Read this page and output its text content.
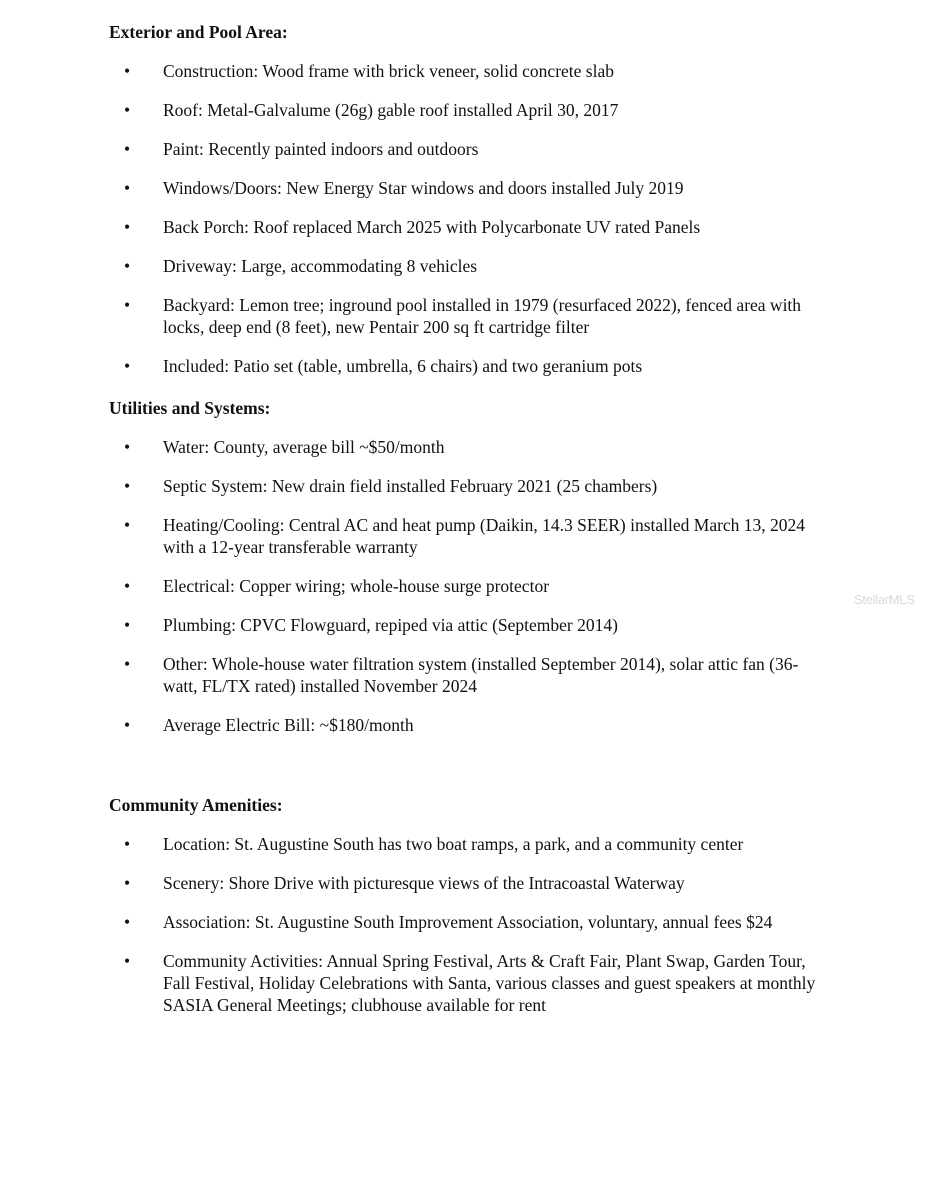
Exterior and Pool Area:
• Construction: Wood frame with brick veneer, solid concrete slab
• Roof: Metal-Galvalume (26g) gable roof installed April 30, 2017
• Paint: Recently painted indoors and outdoors
• Windows/Doors: New Energy Star windows and doors installed July 2019
• Back Porch: Roof replaced March 2025 with Polycarbonate UV rated Panels
• Driveway: Large, accommodating 8 vehicles
• Backyard: Lemon tree; inground pool installed in 1979 (resurfaced 2022), fenced area with locks, deep end (8 feet), new Pentair 200 sq ft cartridge filter
• Included: Patio set (table, umbrella, 6 chairs) and two geranium pots
Utilities and Systems:
• Water: County, average bill ~$50/month
• Septic System: New drain field installed February 2021 (25 chambers)
• Heating/Cooling: Central AC and heat pump (Daikin, 14.3 SEER) installed March 13, 2024 with a 12-year transferable warranty
• Electrical: Copper wiring; whole-house surge protector
• Plumbing: CPVC Flowguard, repiped via attic (September 2014)
• Other: Whole-house water filtration system (installed September 2014), solar attic fan (36-watt, FL/TX rated) installed November 2024
• Average Electric Bill: ~$180/month
Community Amenities:
• Location: St. Augustine South has two boat ramps, a park, and a community center
• Scenery: Shore Drive with picturesque views of the Intracoastal Waterway
• Association: St. Augustine South Improvement Association, voluntary, annual fees $24
• Community Activities: Annual Spring Festival, Arts & Craft Fair, Plant Swap, Garden Tour, Fall Festival, Holiday Celebrations with Santa, various classes and guest speakers at monthly SASIA General Meetings; clubhouse available for rent
StellarMLS
